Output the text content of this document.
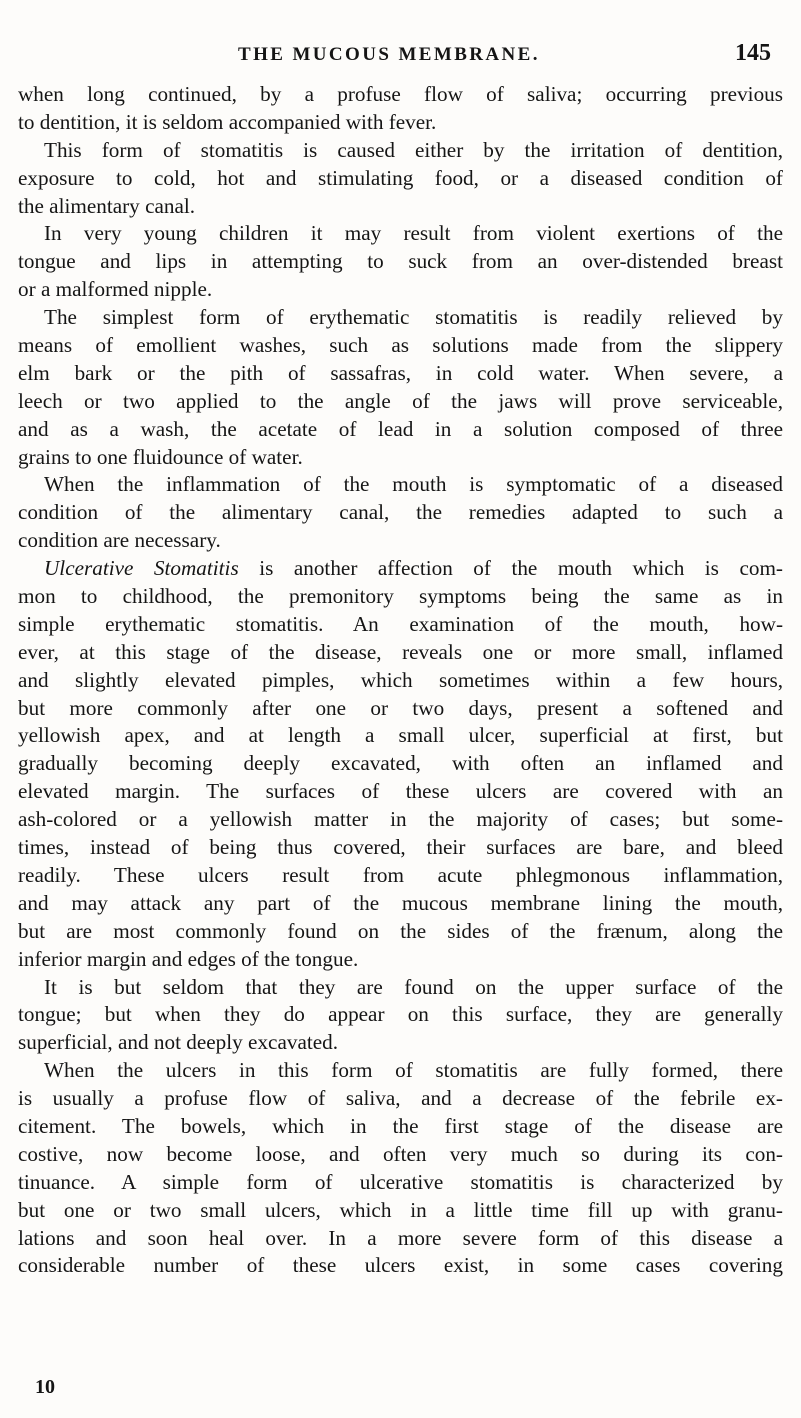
THE MUCOUS MEMBRANE.	145
when long continued, by a profuse flow of saliva; occurring previous
to dentition, it is seldom accompanied with fever.
This form of stomatitis is caused either by the irritation of dentition,
exposure to cold, hot and stimulating food, or a diseased condition of
the alimentary canal.
In very young children it may result from violent exertions of the
tongue and lips in attempting to suck from an over-distended breast
or a malformed nipple.
The simplest form of erythematic stomatitis is readily relieved by
means of emollient washes, such as solutions made from the slippery
elm bark or the pith of sassafras, in cold water. When severe, a
leech or two applied to the angle of the jaws will prove serviceable,
and as a wash, the acetate of lead in a solution composed of three
grains to one fluidounce of water.
When the inflammation of the mouth is symptomatic of a diseased
condition of the alimentary canal, the remedies adapted to such a
condition are necessary.
Ulcerative Stomatitis is another affection of the mouth which is com-
mon to childhood, the premonitory symptoms being the same as in
simple erythematic stomatitis. An examination of the mouth, how-
ever, at this stage of the disease, reveals one or more small, inflamed
and slightly elevated pimples, which sometimes within a few hours,
but more commonly after one or two days, present a softened and
yellowish apex, and at length a small ulcer, superficial at first, but
gradually becoming deeply excavated, with often an inflamed and
elevated margin. The surfaces of these ulcers are covered with an
ash-colored or a yellowish matter in the majority of cases; but some-
times, instead of being thus covered, their surfaces are bare, and bleed
readily. These ulcers result from acute phlegmonous inflammation,
and may attack any part of the mucous membrane lining the mouth,
but are most commonly found on the sides of the frænum, along the
inferior margin and edges of the tongue.
It is but seldom that they are found on the upper surface of the
tongue; but when they do appear on this surface, they are generally
superficial, and not deeply excavated.
When the ulcers in this form of stomatitis are fully formed, there
is usually a profuse flow of saliva, and a decrease of the febrile ex-
citement. The bowels, which in the first stage of the disease are
costive, now become loose, and often very much so during its con-
tinuance. A simple form of ulcerative stomatitis is characterized by
but one or two small ulcers, which in a little time fill up with granu-
lations and soon heal over. In a more severe form of this disease a
considerable number of these ulcers exist, in some cases covering
10
